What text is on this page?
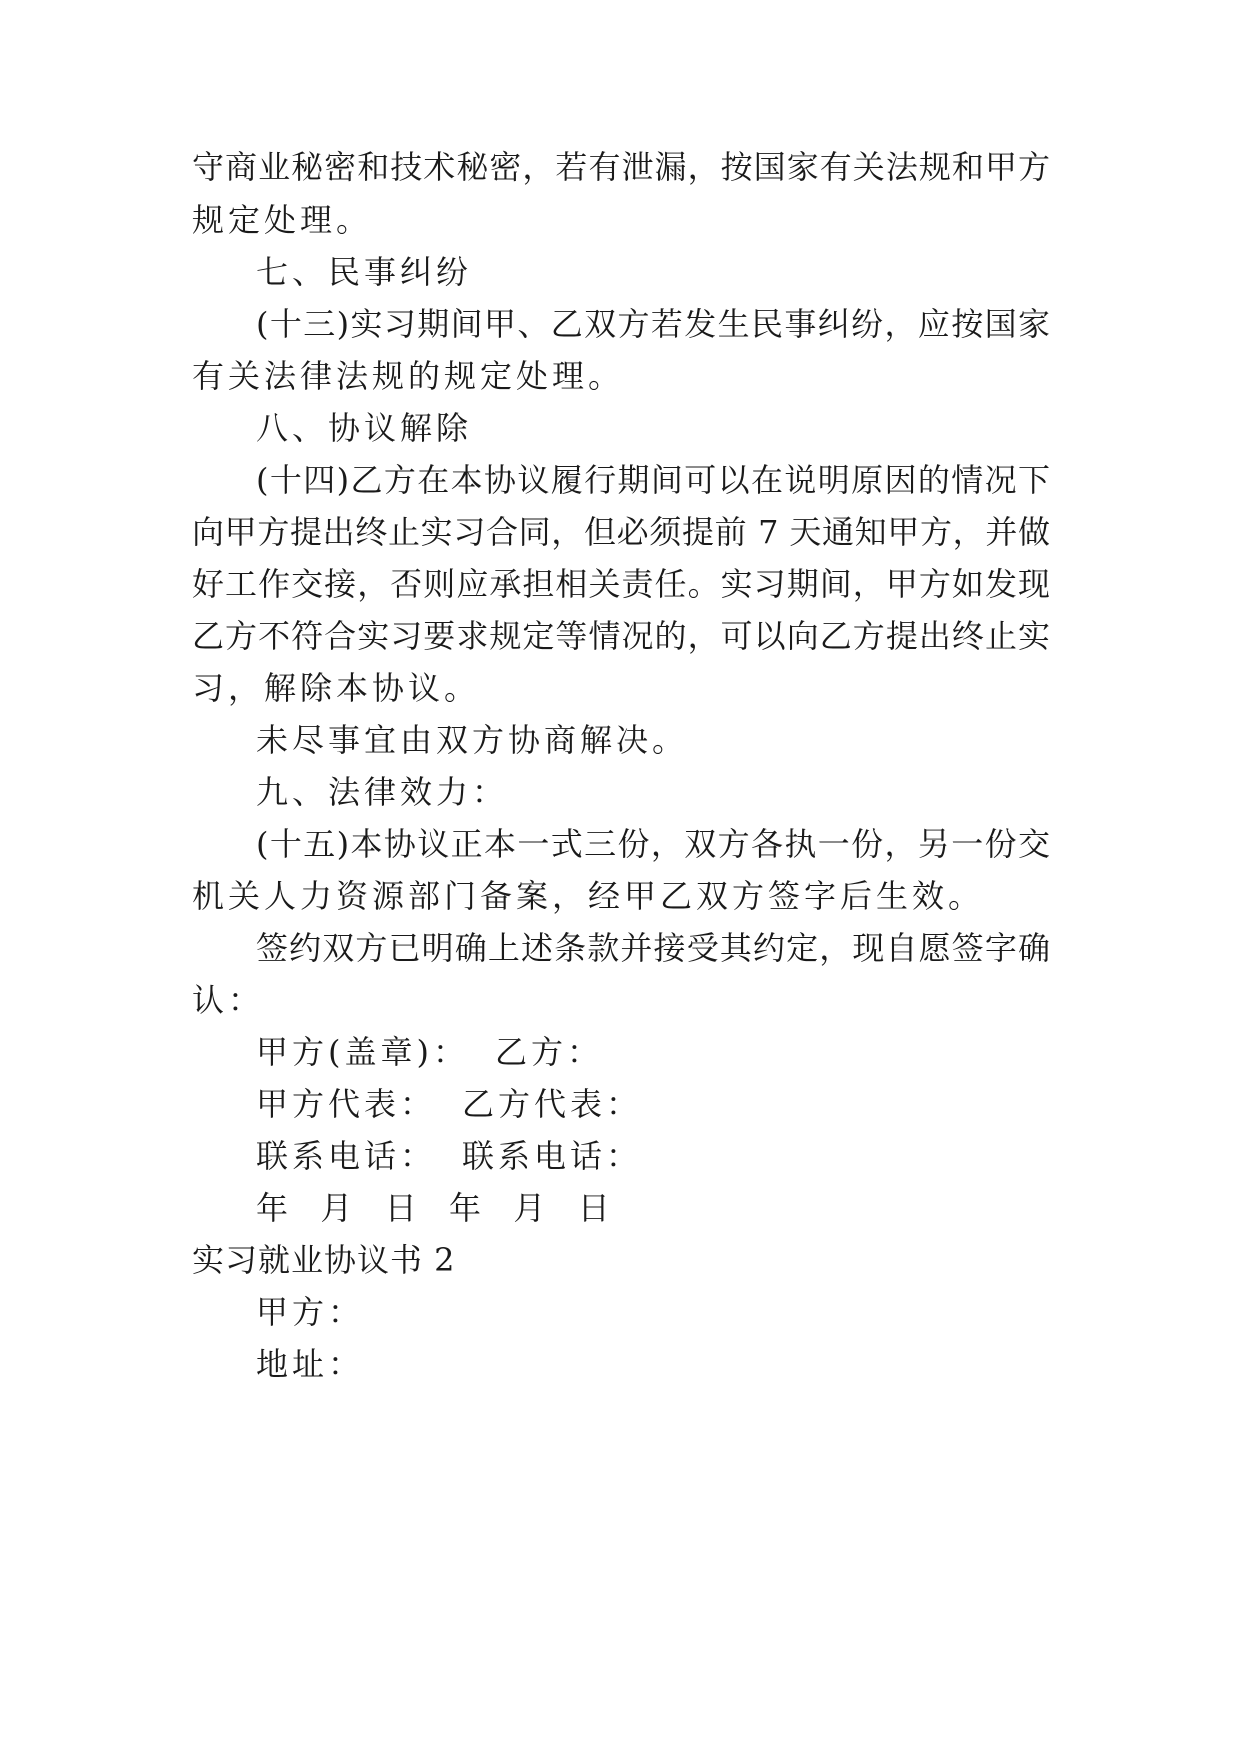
守商业秘密和技术秘密，若有泄漏，按国家有关法规和甲方
规定处理。
七、民事纠纷
(十三)实习期间甲、乙双方若发生民事纠纷，应按国家
有关法律法规的规定处理。
八、协议解除
(十四)乙方在本协议履行期间可以在说明原因的情况下
向甲方提出终止实习合同，但必须提前 7 天通知甲方，并做
好工作交接，否则应承担相关责任。实习期间，甲方如发现
乙方不符合实习要求规定等情况的，可以向乙方提出终止实
习，解除本协议。
未尽事宜由双方协商解决。
九、法律效力：
(十五)本协议正本一式三份，双方各执一份，另一份交
机关人力资源部门备案，经甲乙双方签字后生效。
签约双方已明确上述条款并接受其约定，现自愿签字确
认：
甲方(盖章)： 乙方：
甲方代表： 乙方代表：
联系电话： 联系电话：
年  月  日  年  月  日
实习就业协议书 2
甲方：
地址：
